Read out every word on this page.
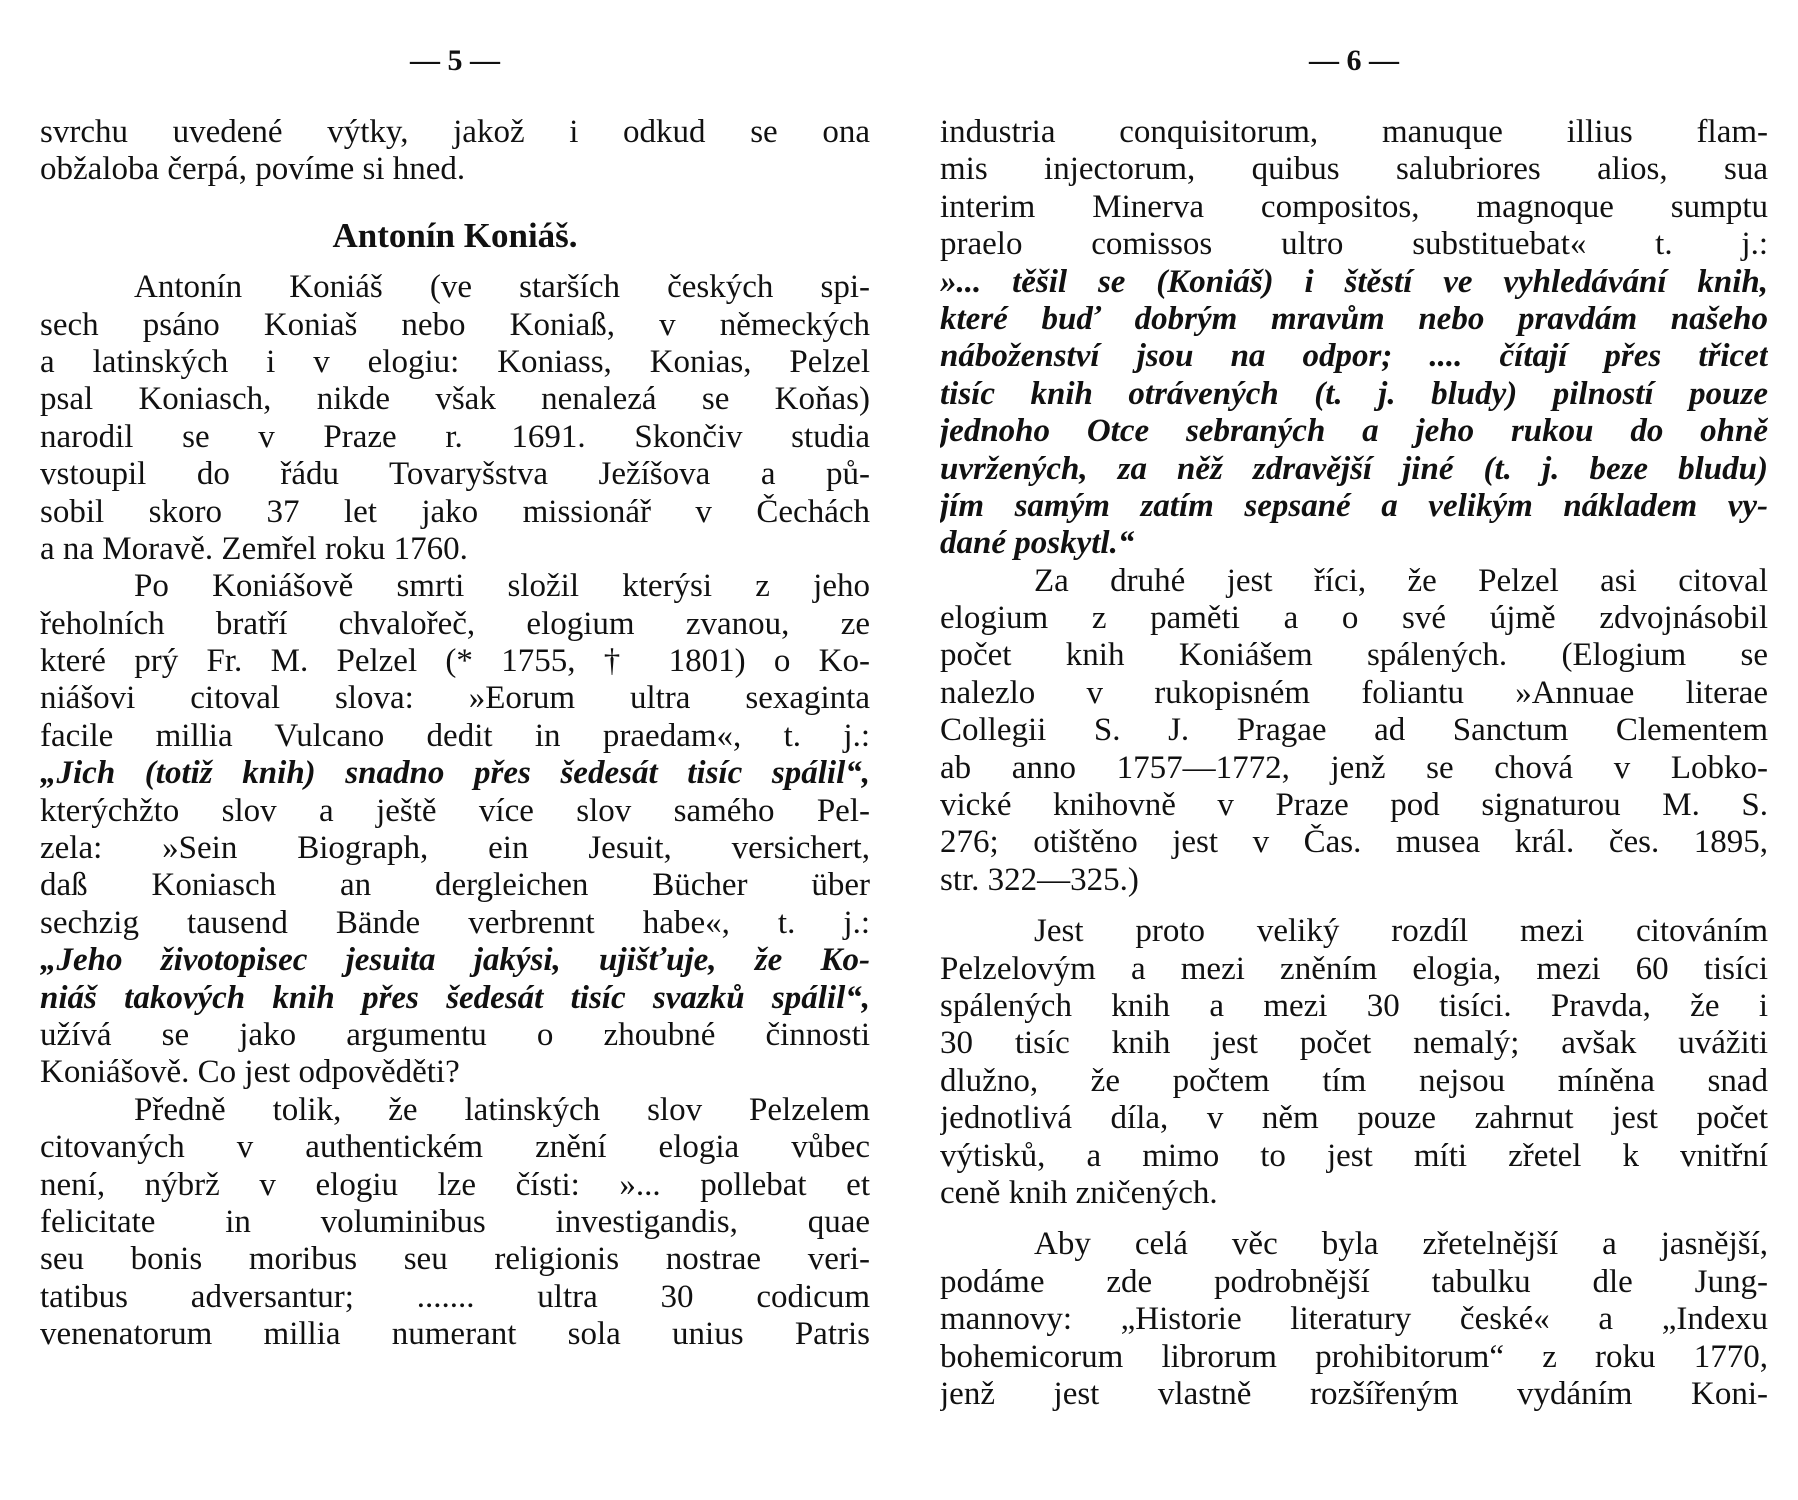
— 5 —
svrchu uvedené výtky, jakož i odkud se ona
obžaloba čerpá, povíme si hned.
Antonín Koniáš.
Antonín Koniáš (ve starších českých spi-
sech psáno Koniaš nebo Koniaß, v německých
a latinských i v elogiu: Koniass, Konias, Pelzel
psal Koniasch, nikde však nenalezá se Koňas)
narodil se v Praze r. 1691. Skončiv studia
vstoupil do řádu Tovaryšstva Ježíšova a pů-
sobil skoro 37 let jako missionář v Čechách
a na Moravě. Zemřel roku 1760.
Po Koniášově smrti složil kterýsi z jeho
řeholních bratří chvalořeč, elogium zvanou, ze
které prý Fr. M. Pelzel (* 1755, † 1801) o Ko-
niášovi citoval slova: »Eorum ultra sexaginta
facile millia Vulcano dedit in praedam«, t. j.:
„Jich (totiž knih) snadno přes šedesát tisíc spálil“,
kterýchžto slov a ještě více slov samého Pel-
zela: »Sein Biograph, ein Jesuit, versichert,
daß Koniasch an dergleichen Bücher über
sechzig tausend Bände verbrennt habe«, t. j.:
„Jeho životopisec jesuita jakýsi, ujišťuje, že Ko-
niáš takových knih přes šedesát tisíc svazků spálil“,
užívá se jako argumentu o zhoubné činnosti
Koniášově. Co jest odpověděti?
Předně tolik, že latinských slov Pelzelem
citovaných v authentickém znění elogia vůbec
není, nýbrž v elogiu lze čísti: »... pollebat et
felicitate in voluminibus investigandis, quae
seu bonis moribus seu religionis nostrae veri-
tatibus adversantur; ....... ultra 30 codicum
venenatorum millia numerant sola unius Patris
— 6 —
industria conquisitorum, manuque illius flam-
mis injectorum, quibus salubriores alios, sua
interim Minerva compositos, magnoque sumptu
praelo comissos ultro substituebat« t. j.:
»... těšil se (Koniáš) i štěstí ve vyhledávání knih,
které buď dobrým mravům nebo pravdám našeho
náboženství jsou na odpor; .... čítají přes třicet
tisíc knih otrávených (t. j. bludy) pilností pouze
jednoho Otce sebraných a jeho rukou do ohně
uvržených, za něž zdravější jiné (t. j. beze bludu)
jím samým zatím sepsané a velikým nákladem vy-
dané poskytl.“
Za druhé jest říci, že Pelzel asi citoval
elogium z paměti a o své újmě zdvojnásobil
počet knih Koniášem spálených. (Elogium se
nalezlo v rukopisném foliantu »Annuae literae
Collegii S. J. Pragae ad Sanctum Clementem
ab anno 1757—1772, jenž se chová v Lobko-
vické knihovně v Praze pod signaturou M. S.
276; otištěno jest v Čas. musea král. čes. 1895,
str. 322—325.)
Jest proto veliký rozdíl mezi citováním
Pelzelovým a mezi zněním elogia, mezi 60 tisíci
spálených knih a mezi 30 tisíci. Pravda, že i
30 tisíc knih jest počet nemalý; avšak uvážiti
dlužno, že počtem tím nejsou míněna snad
jednotlivá díla, v něm pouze zahrnut jest počet
výtisků, a mimo to jest míti zřetel k vnitřní
ceně knih zničených.
Aby celá věc byla zřetelnější a jasnější,
podáme zde podrobnější tabulku dle Jung-
mannovy: „Historie literatury české« a „Indexu
bohemicorum librorum prohibitorum“ z roku 1770,
jenž jest vlastně rozšířeným vydáním Koni-
